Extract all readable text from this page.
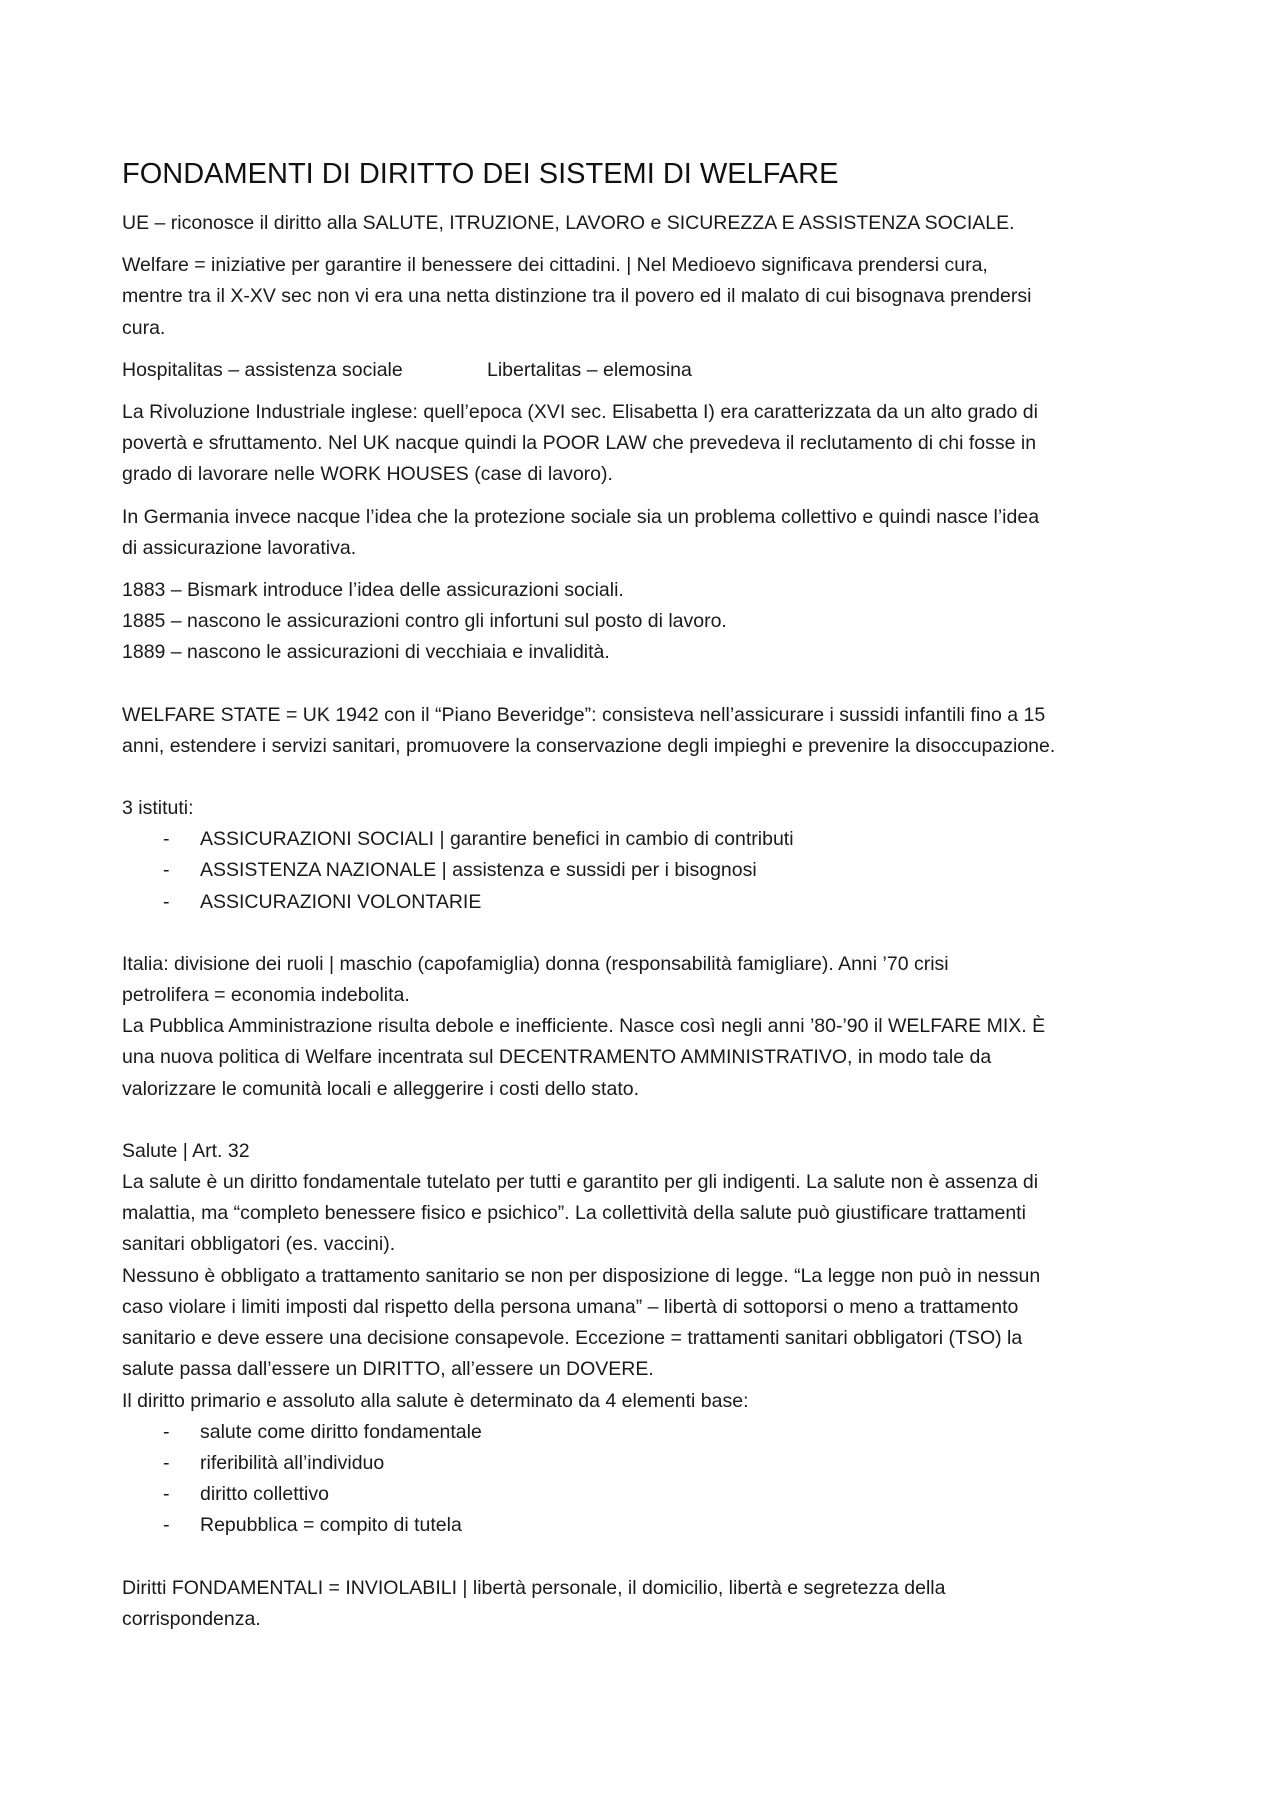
FONDAMENTI DI DIRITTO DEI SISTEMI DI WELFARE

UE – riconosce il diritto alla SALUTE, ITRUZIONE, LAVORO e SICUREZZA E ASSISTENZA SOCIALE.

Welfare = iniziative per garantire il benessere dei cittadini. | Nel Medioevo significava prendersi cura,
mentre tra il X-XV sec non vi era una netta distinzione tra il povero ed il malato di cui bisognava prendersi
cura.
Hospitalitas – assistenza sociale	Libertalitas – elemosina
La Rivoluzione Industriale inglese: quell’epoca (XVI sec. Elisabetta I) era caratterizzata da un alto grado di
povertà e sfruttamento. Nel UK nacque quindi la POOR LAW che prevedeva il reclutamento di chi fosse in
grado di lavorare nelle WORK HOUSES (case di lavoro).
In Germania invece nacque l’idea che la protezione sociale sia un problema collettivo e quindi nasce l’idea
di assicurazione lavorativa.
1883 – Bismark introduce l’idea delle assicurazioni sociali.
1885 – nascono le assicurazioni contro gli infortuni sul posto di lavoro.
1889 – nascono le assicurazioni di vecchiaia e invalidità.
WELFARE STATE = UK 1942 con il “Piano Beveridge”: consisteva nell’assicurare i sussidi infantili fino a 15
anni, estendere i servizi sanitari, promuovere la conservazione degli impieghi e prevenire la disoccupazione.
3 istituti:
- ASSICURAZIONI SOCIALI | garantire benefici in cambio di contributi
- ASSISTENZA NAZIONALE | assistenza e sussidi per i bisognosi
- ASSICURAZIONI VOLONTARIE
Italia: divisione dei ruoli | maschio (capofamiglia) donna (responsabilità famigliare). Anni ’70 crisi
petrolifera = economia indebolita.
La Pubblica Amministrazione risulta debole e inefficiente. Nasce così negli anni ’80-’90 il WELFARE MIX. È
una nuova politica di Welfare incentrata sul DECENTRAMENTO AMMINISTRATIVO, in modo tale da
valorizzare le comunità locali e alleggerire i costi dello stato.
Salute | Art. 32
La salute è un diritto fondamentale tutelato per tutti e garantito per gli indigenti. La salute non è assenza di
malattia, ma “completo benessere fisico e psichico”. La collettività della salute può giustificare trattamenti
sanitari obbligatori (es. vaccini).
Nessuno è obbligato a trattamento sanitario se non per disposizione di legge. “La legge non può in nessun
caso violare i limiti imposti dal rispetto della persona umana” – libertà di sottoporsi o meno a trattamento
sanitario e deve essere una decisione consapevole. Eccezione = trattamenti sanitari obbligatori (TSO) la
salute passa dall’essere un DIRITTO, all’essere un DOVERE.
Il diritto primario e assoluto alla salute è determinato da 4 elementi base:
- salute come diritto fondamentale
- riferibilità all’individuo
- diritto collettivo
- Repubblica = compito di tutela
Diritti FONDAMENTALI = INVIOLABILI | libertà personale, il domicilio, libertà e segretezza della
corrispondenza.
